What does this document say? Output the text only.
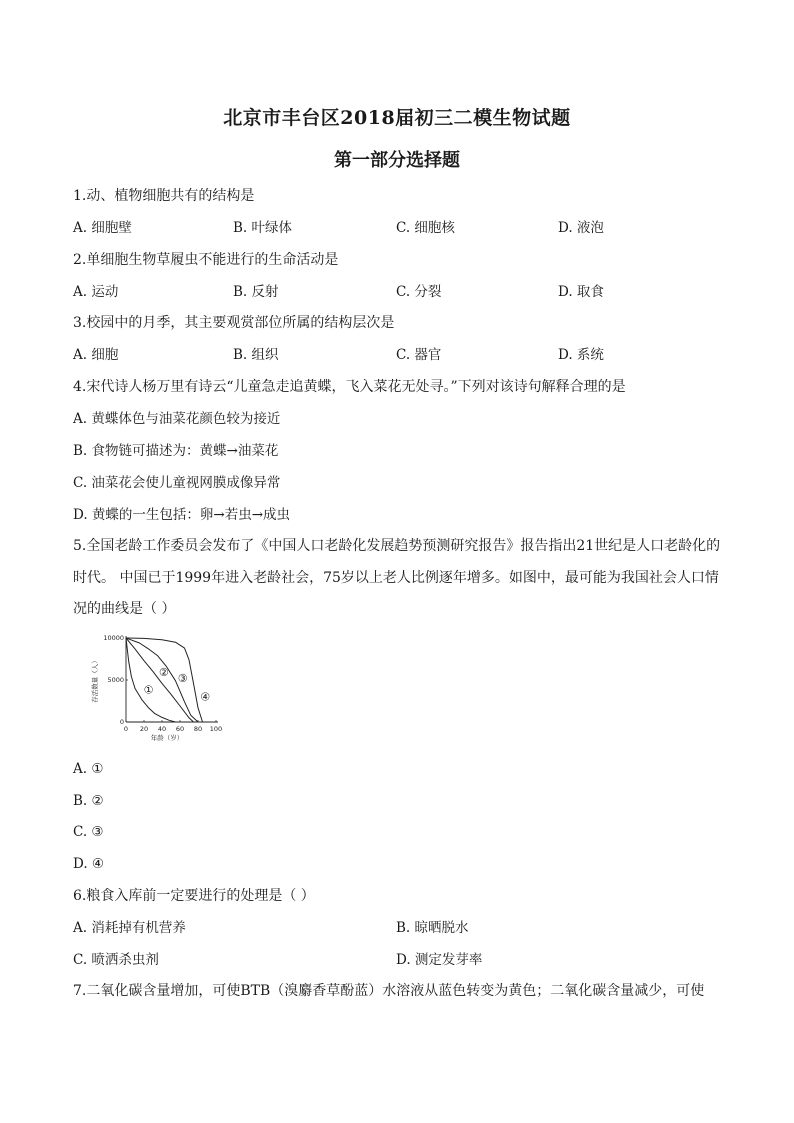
北京市丰台区2018届初三二模生物试题
第一部分选择题
1.动、植物细胞共有的结构是
A. 细胞壁	B. 叶绿体	C. 细胞核	D. 液泡
2.单细胞生物草履虫不能进行的生命活动是
A. 运动	B. 反射	C. 分裂	D. 取食
3.校园中的月季，其主要观赏部位所属的结构层次是
A. 细胞	B. 组织	C. 器官	D. 系统
4.宋代诗人杨万里有诗云“儿童急走追黄蝶，飞入菜花无处寻。”下列对该诗句解释合理的是
A. 黄蝶体色与油菜花颜色较为接近
B. 食物链可描述为：黄蝶→油菜花
C. 油菜花会使儿童视网膜成像异常
D. 黄蝶的一生包括：卵→若虫→成虫
5.全国老龄工作委员会发布了《中国人口老龄化发展趋势预测研究报告》报告指出21世纪是人口老龄化的
时代。 中国已于1999年进入老龄社会，75岁以上老人比例逐年增多。如图中，最可能为我国社会人口情
况的曲线是（ ）
0 20 40 60 80 100
0
5000
10000
年龄（岁）
存活数量（人）	①
② ③
④
A. ①
B. ②
C. ③
D. ④
6.粮食入库前一定要进行的处理是（ ）
A. 消耗掉有机营养	B. 晾晒脱水
C. 喷洒杀虫剂	D. 测定发芽率
7.二氧化碳含量增加，可使BTB（溴麝香草酚蓝）水溶液从蓝色转变为黄色；二氧化碳含量减少，可使
